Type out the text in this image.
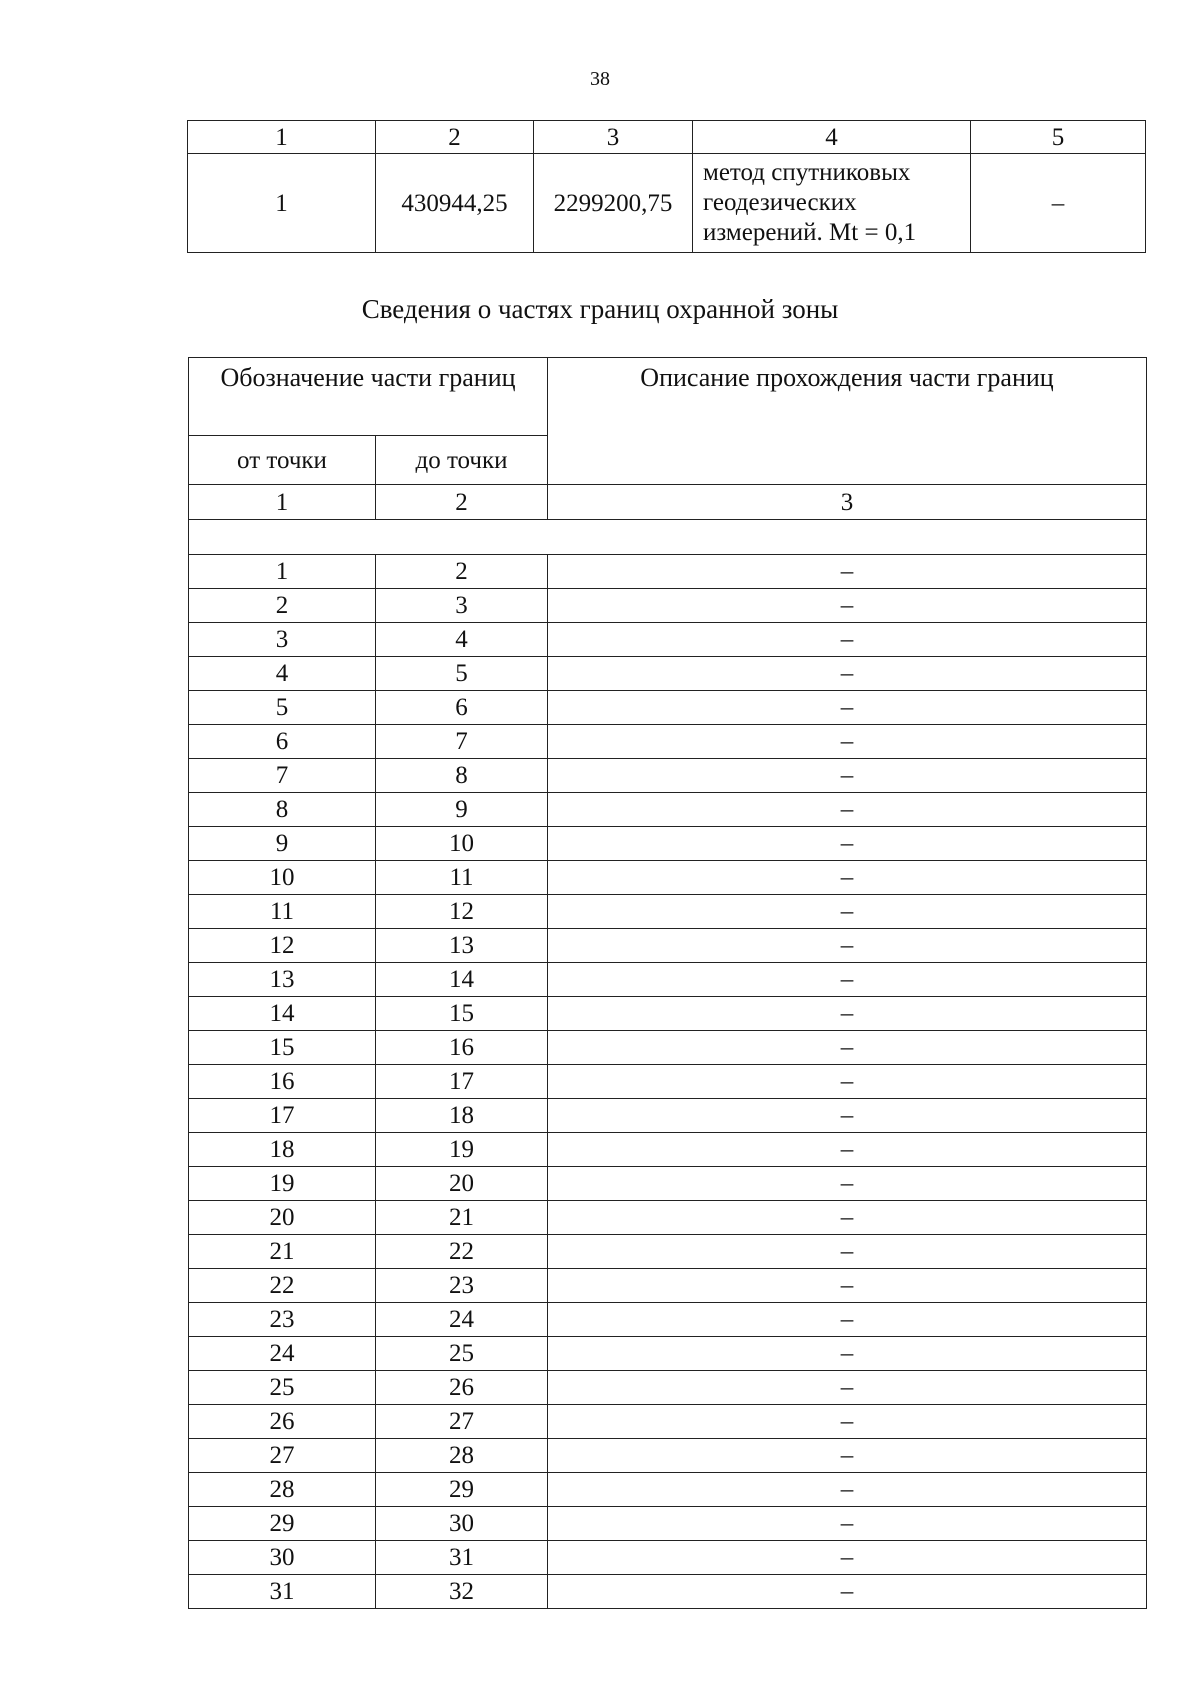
38
1	2	3	4	5
1	430944,25	2299200,75	метод спутниковых
геодезических
измерений. Mt = 0,1	–
Сведения о частях границ охранной зоны
Обозначение части границ		Описание прохождения части границ
от точки	до точки	
1	2	3

1	2	–
2	3	–
3	4	–
4	5	–
5	6	–
6	7	–
7	8	–
8	9	–
9	10	–
10	11	–
11	12	–
12	13	–
13	14	–
14	15	–
15	16	–
16	17	–
17	18	–
18	19	–
19	20	–
20	21	–
21	22	–
22	23	–
23	24	–
24	25	–
25	26	–
26	27	–
27	28	–
28	29	–
29	30	–
30	31	–
31	32	–
